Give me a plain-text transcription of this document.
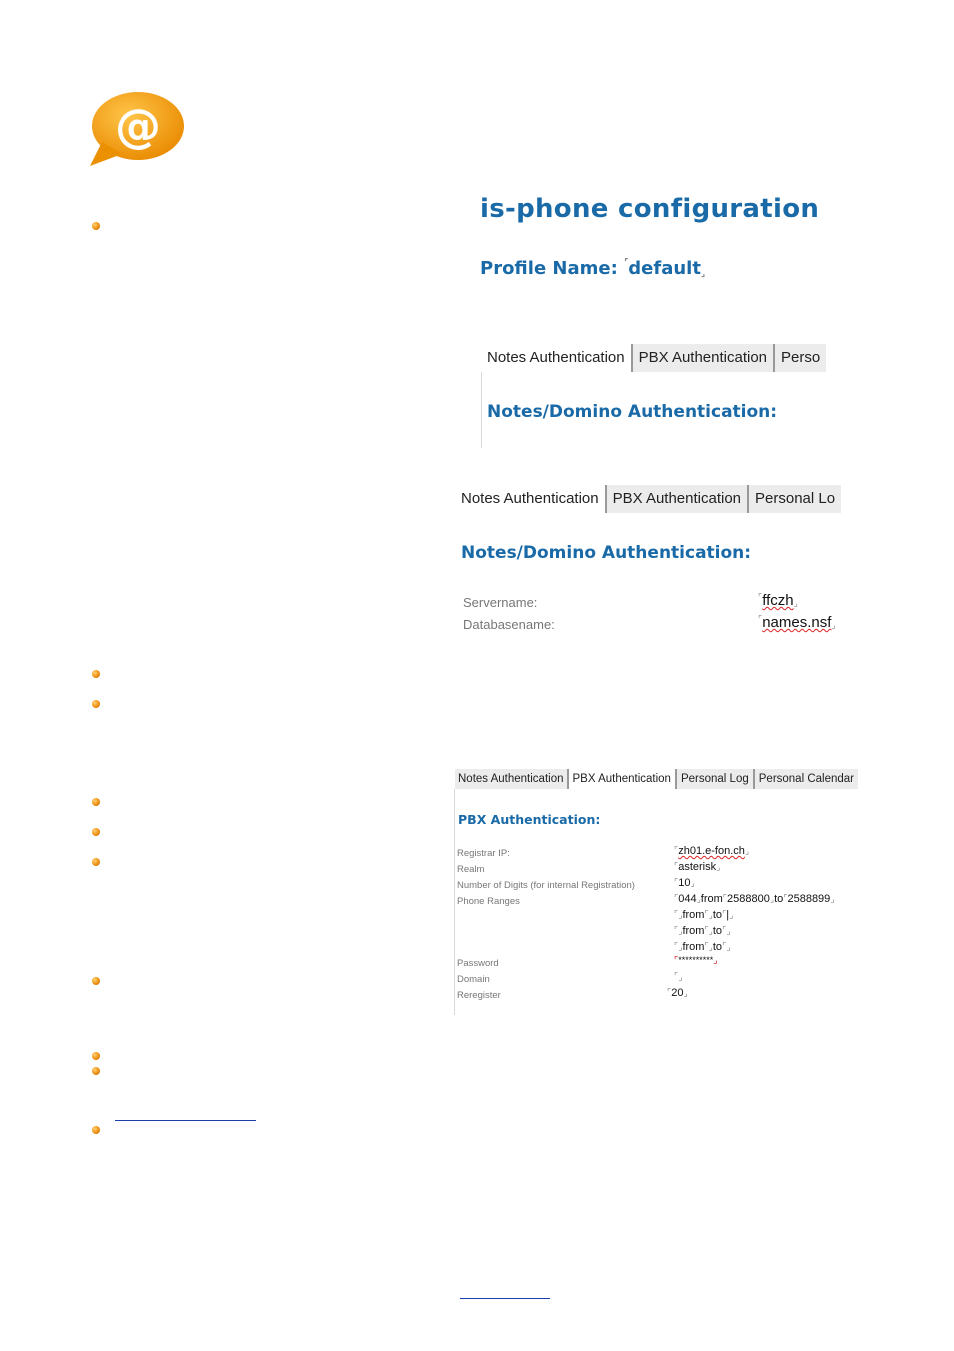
@
is-phone configuration
Profile Name: ⌜default⌟
Notes Authentication PBX Authentication Perso
Notes/Domino Authentication:
Notes Authentication PBX Authentication Personal Lo
Notes/Domino Authentication:
Servername:	⌜ffczh⌟
Databasename:	⌜names.nsf⌟
Notes Authentication PBX Authentication Personal Log Personal Calendar
PBX Authentication:
Registrar IP:	⌜zh01.e-fon.ch⌟
Realm	⌜asterisk⌟
Number of Digits (for internal Registration)	⌜10⌟
Phone Ranges	⌜044⌟from⌜2588800⌟to⌜2588899⌟
⌜⌟from⌜⌟to⌜|⌟
⌜⌟from⌜⌟to⌜⌟
⌜⌟from⌜⌟to⌜⌟
Password	⌜**********⌟
Domain	⌜⌟
Reregister	⌜20⌟
